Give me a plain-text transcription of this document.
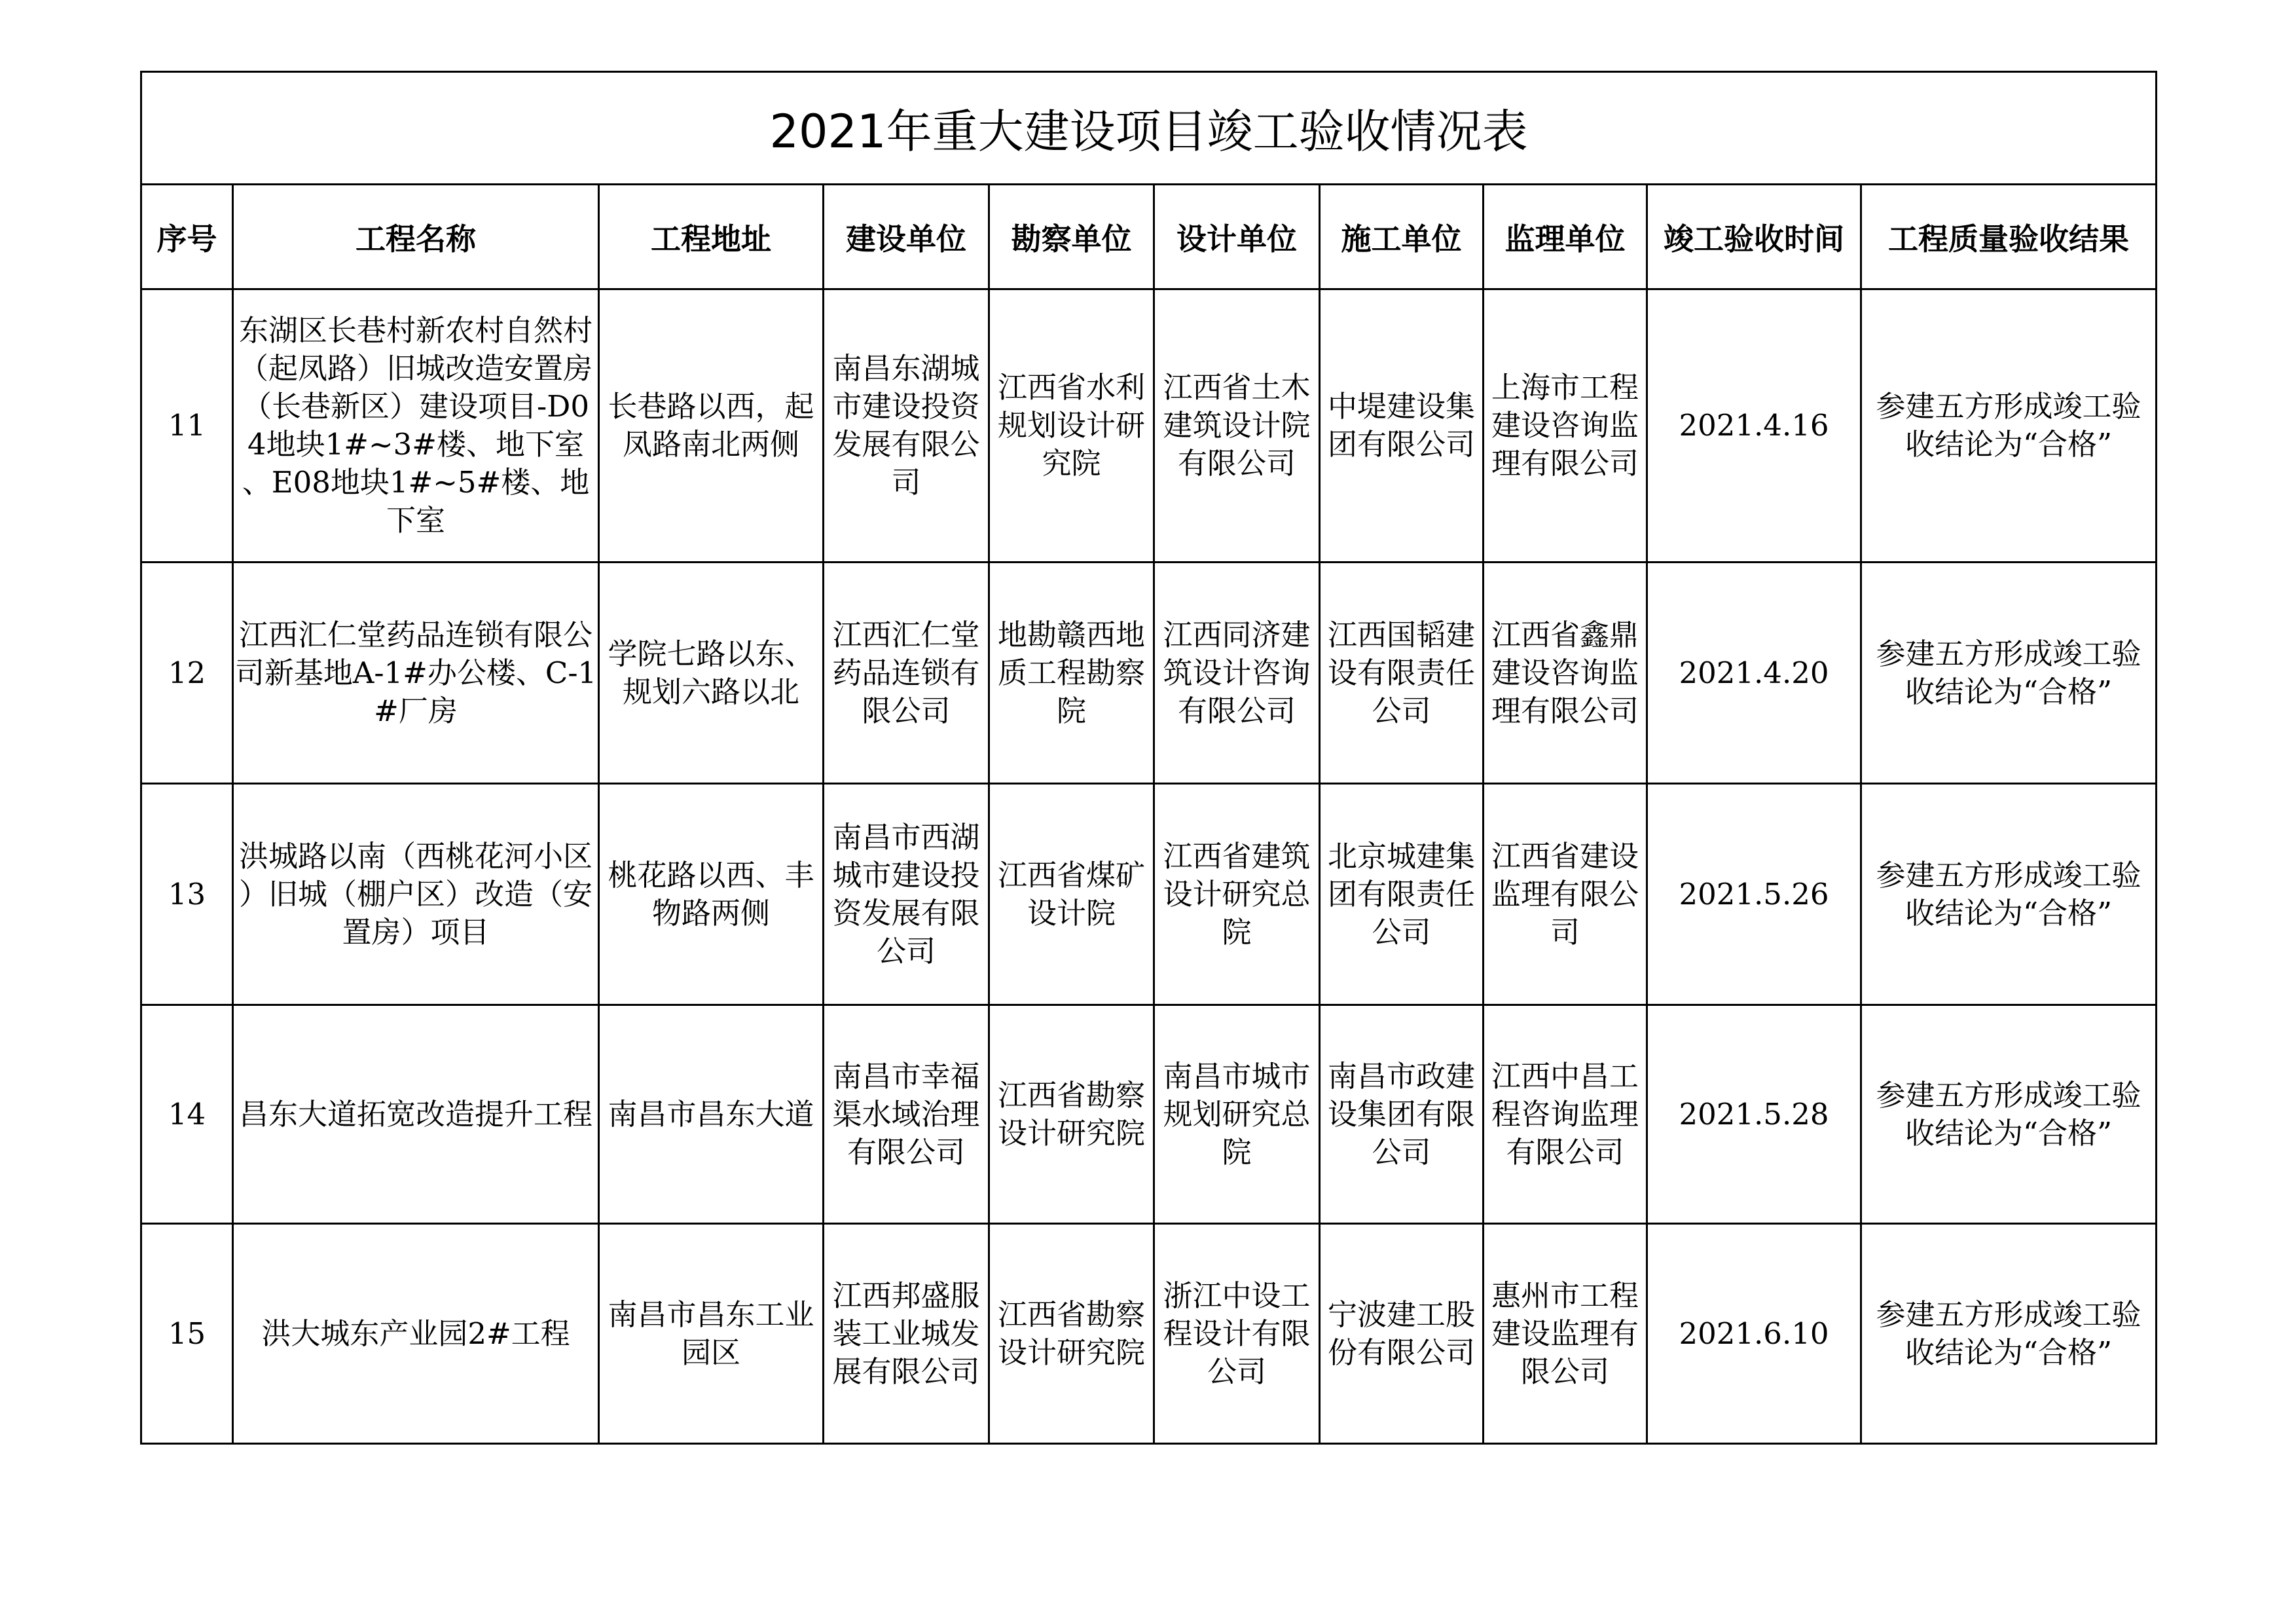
2021年重大建设项目竣工验收情况表									
序号	工程名称	工程地址	建设单位	勘察单位	设计单位	施工单位	监理单位	竣工验收时间	工程质量验收结果
11	东湖区长巷村新农村自然村（起凤路）旧城改造安置房（长巷新区）建设项目-D04地块1#~3#楼、地下室、E08地块1#~5#楼、地下室	长巷路以西，起凤路南北两侧	南昌东湖城市建设投资发展有限公司	江西省水利规划设计研究院	江西省土木建筑设计院有限公司	中堤建设集团有限公司	上海市工程建设咨询监理有限公司	2021.4.16	参建五方形成竣工验收结论为“合格”
12	江西汇仁堂药品连锁有限公司新基地A-1#办公楼、C-1#厂房	学院七路以东、规划六路以北	江西汇仁堂药品连锁有限公司	地勘赣西地质工程勘察院	江西同济建筑设计咨询有限公司	江西国韬建设有限责任公司	江西省鑫鼎建设咨询监理有限公司	2021.4.20	参建五方形成竣工验收结论为“合格”
13	洪城路以南（西桃花河小区）旧城（棚户区）改造（安置房）项目	桃花路以西、丰物路两侧	南昌市西湖城市建设投资发展有限公司	江西省煤矿设计院	江西省建筑设计研究总院	北京城建集团有限责任公司	江西省建设监理有限公司	2021.5.26	参建五方形成竣工验收结论为“合格”
14	昌东大道拓宽改造提升工程	南昌市昌东大道	南昌市幸福渠水域治理有限公司	江西省勘察设计研究院	南昌市城市规划研究总院	南昌市政建设集团有限公司	江西中昌工程咨询监理有限公司	2021.5.28	参建五方形成竣工验收结论为“合格”
15	洪大城东产业园2#工程	南昌市昌东工业园区	江西邦盛服装工业城发展有限公司	江西省勘察设计研究院	浙江中设工程设计有限公司	宁波建工股份有限公司	惠州市工程建设监理有限公司	2021.6.10	参建五方形成竣工验收结论为“合格”
